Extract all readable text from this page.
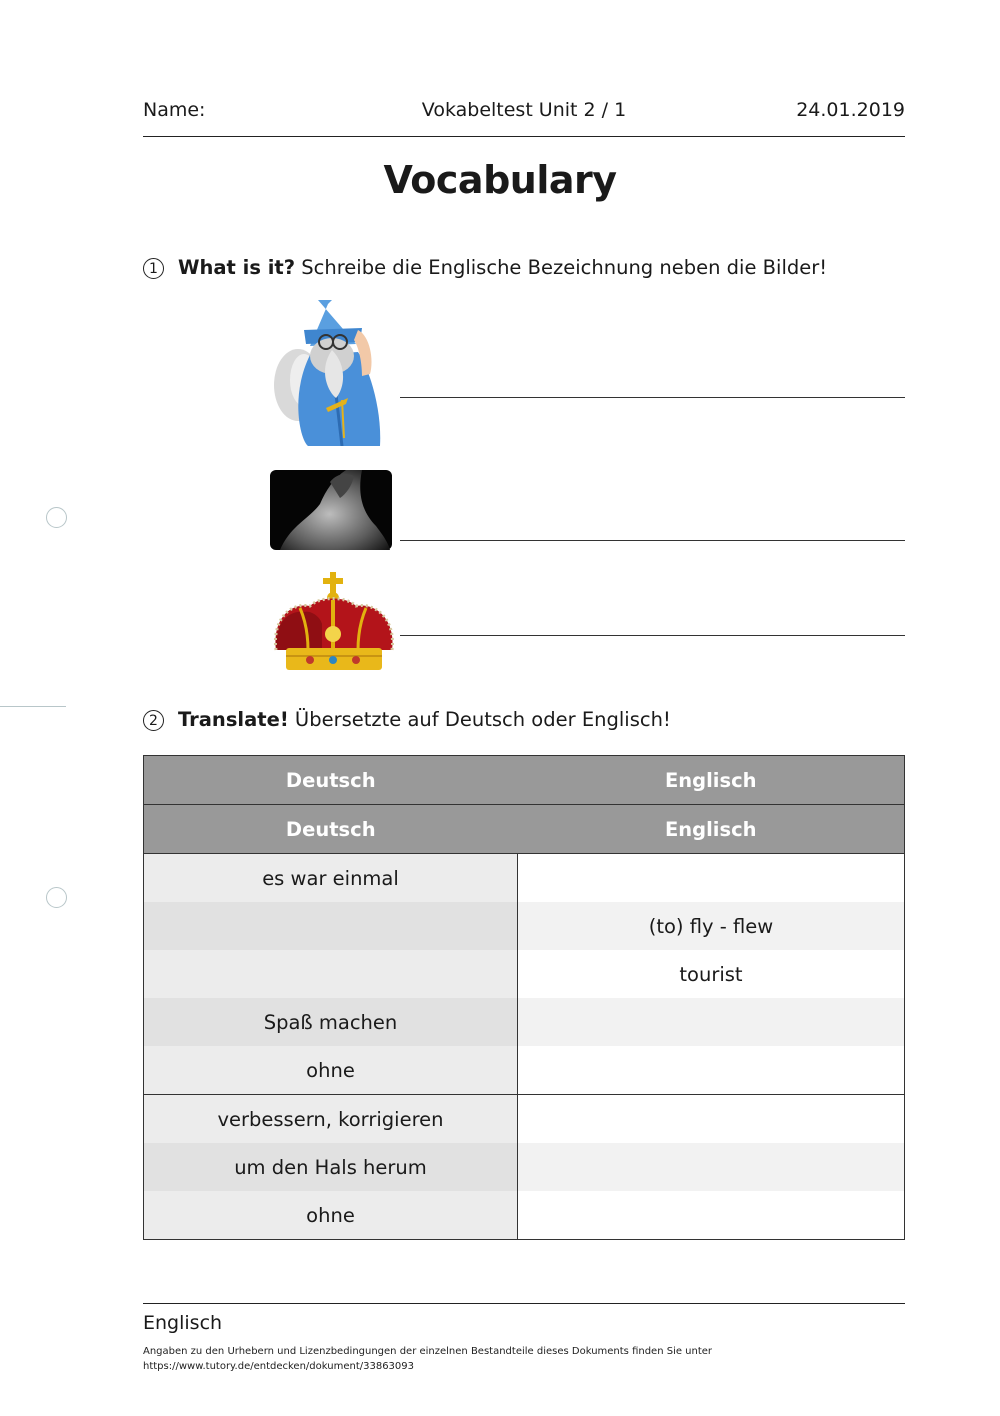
Name:	Vokabeltest Unit 2 / 1	24.01.2019
Vocabulary
1 What is it? Schreibe die Englische Bezeichnung neben die Bilder!
2 Translate! Übersetzte auf Deutsch oder Englisch!
Deutsch	Englisch
Deutsch	Englisch
es war einmal	
	(to) fly - flew
	tourist
Spaß machen	
ohne	
verbessern, korrigieren	
um den Hals herum	
ohne	
Englisch
Angaben zu den Urhebern und Lizenzbedingungen der einzelnen Bestandteile dieses Dokuments finden Sie unter
https://www.tutory.de/entdecken/dokument/33863093
